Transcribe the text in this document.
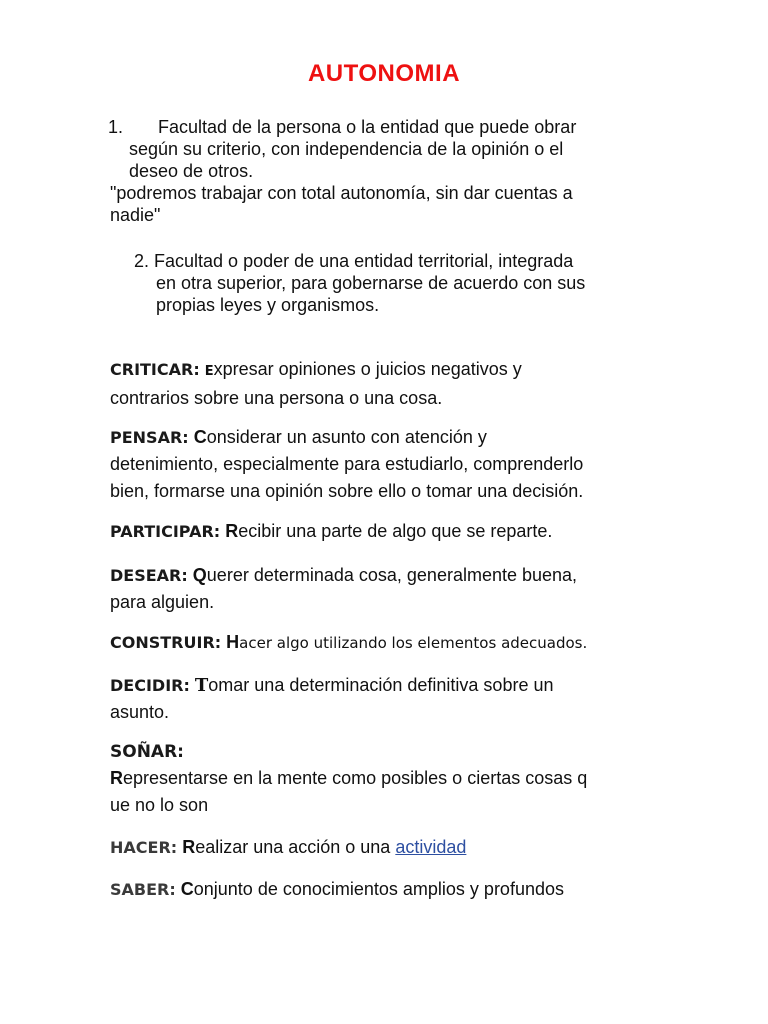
AUTONOMIA
1. Facultad de la persona o la entidad que puede obrar
según su criterio, con independencia de la opinión o el
deseo de otros.
"podremos trabajar con total autonomía, sin dar cuentas a
nadie"
2. Facultad o poder de una entidad territorial, integrada
en otra superior, para gobernarse de acuerdo con sus
propias leyes y organismos.
CRITICAR: Expresar opiniones o juicios negativos y
contrarios sobre una persona o una cosa.
PENSAR: Considerar un asunto con atención y
detenimiento, especialmente para estudiarlo, comprenderlo
bien, formarse una opinión sobre ello o tomar una decisión.
PARTICIPAR: Recibir una parte de algo que se reparte.
DESEAR: Querer determinada cosa, generalmente buena,
para alguien.
CONSTRUIR: Hacer algo utilizando los elementos adecuados.
DECIDIR: Tomar una determinación definitiva sobre un
asunto.
SOÑAR:
Representarse en la mente como posibles o ciertas cosas q
ue no lo son
HACER: Realizar una acción o una actividad
SABER: Conjunto de conocimientos amplios y profundos
